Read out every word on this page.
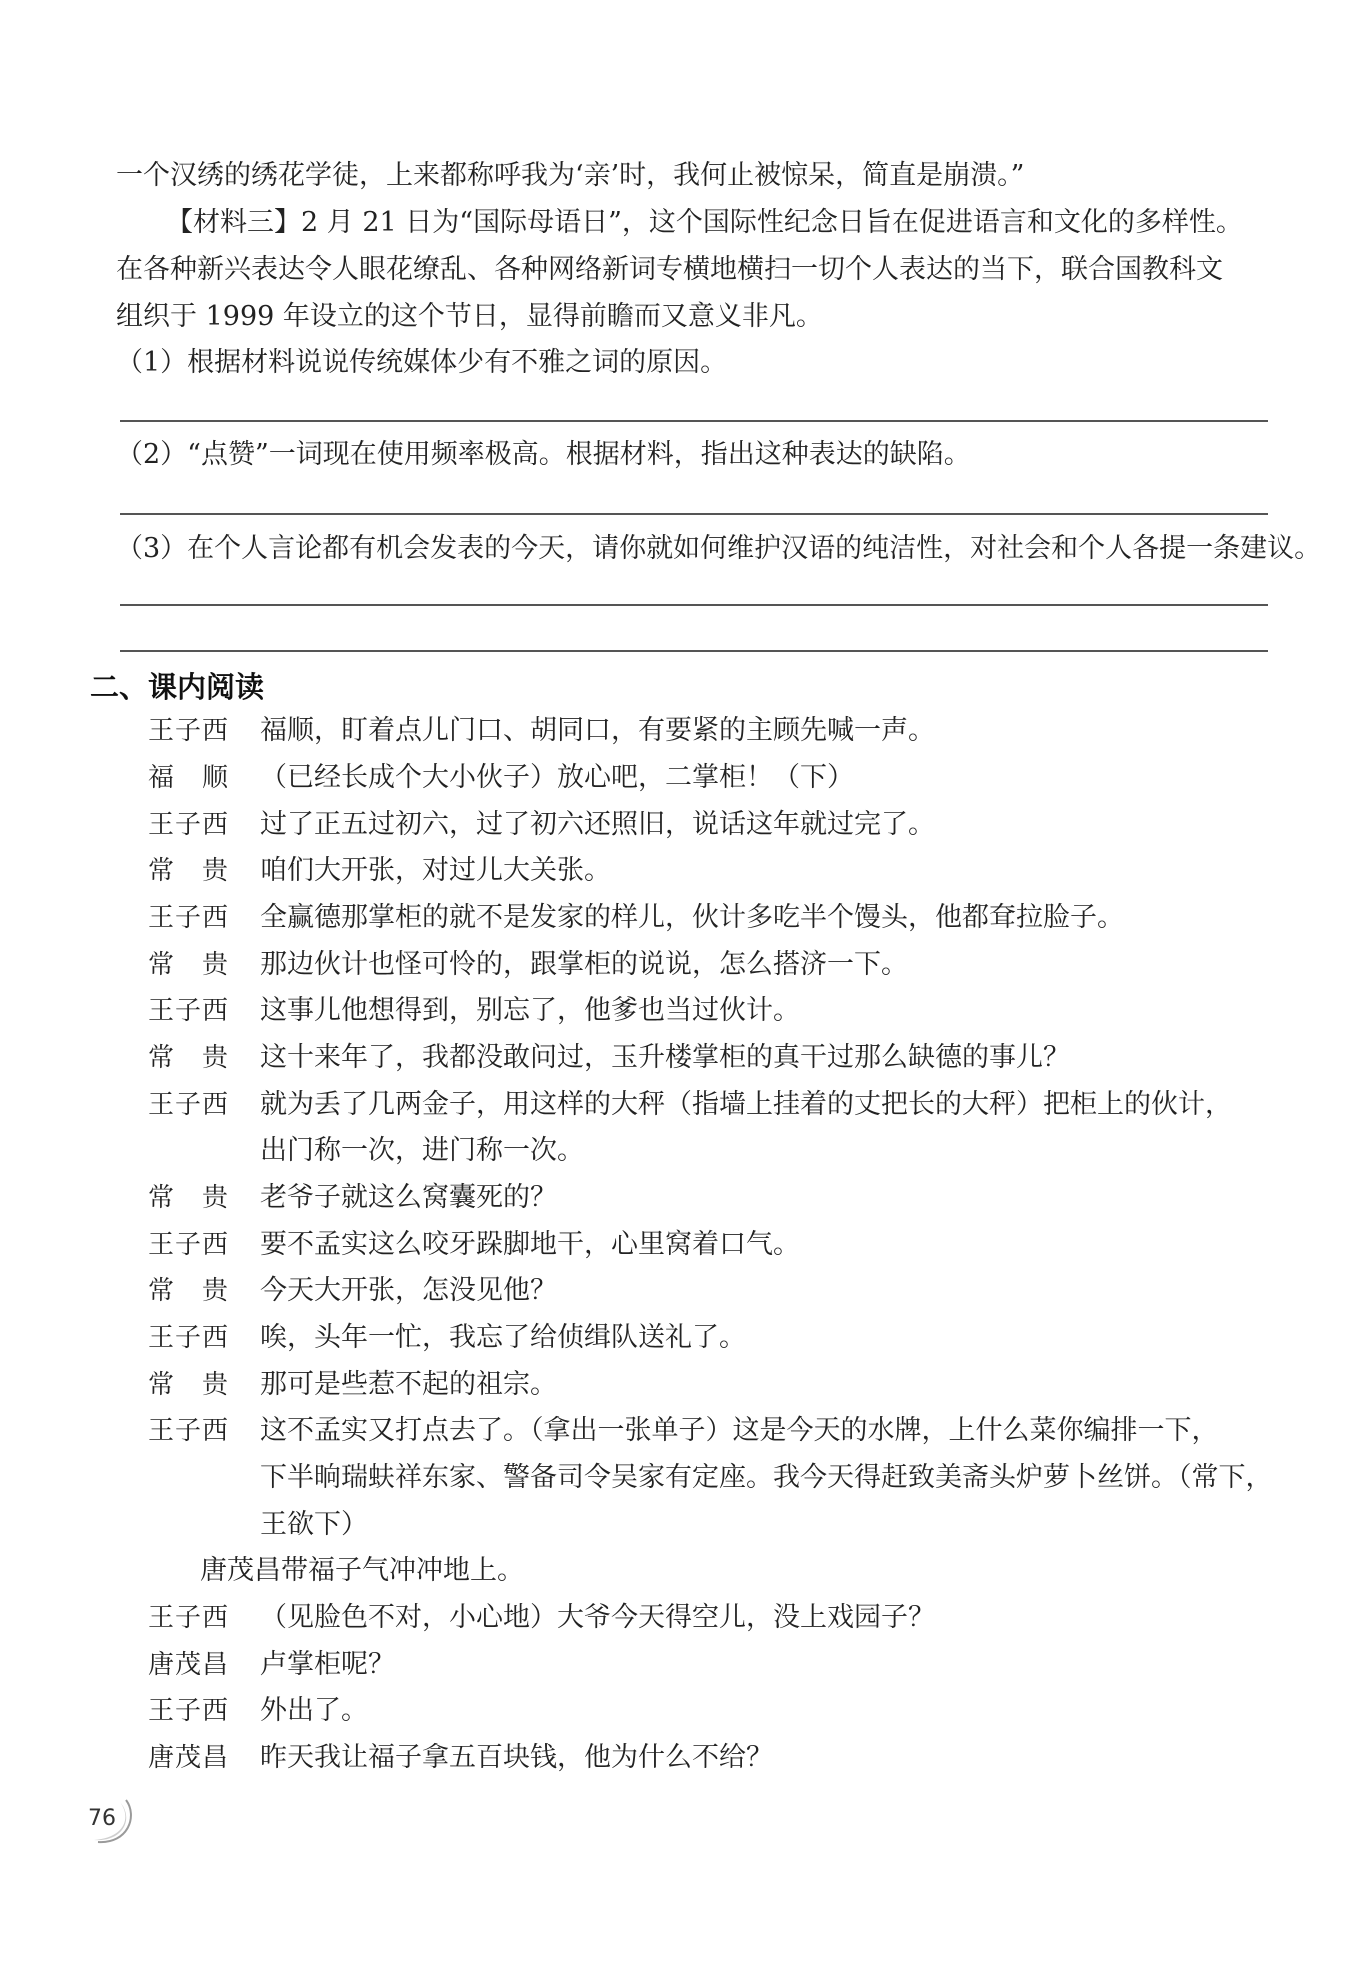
一个汉绣的绣花学徒，上来都称呼我为‘亲’时，我何止被惊呆，简直是崩溃。”
【材料三】2 月 21 日为“国际母语日”，这个国际性纪念日旨在促进语言和文化的多样性。
在各种新兴表达令人眼花缭乱、各种网络新词专横地横扫一切个人表达的当下，联合国教科文
组织于 1999 年设立的这个节日，显得前瞻而又意义非凡。
（1）根据材料说说传统媒体少有不雅之词的原因。
（2）“点赞”一词现在使用频率极高。根据材料，指出这种表达的缺陷。
（3）在个人言论都有机会发表的今天，请你就如何维护汉语的纯洁性，对社会和个人各提一条建议。
二、课内阅读
王子西 福顺，盯着点儿门口、胡同口，有要紧的主顾先喊一声。
福　顺 （已经长成个大小伙子）放心吧，二掌柜！（下）
王子西 过了正五过初六，过了初六还照旧，说话这年就过完了。
常　贵 咱们大开张，对过儿大关张。
王子西 全赢德那掌柜的就不是发家的样儿，伙计多吃半个馒头，他都耷拉脸子。
常　贵 那边伙计也怪可怜的，跟掌柜的说说，怎么搭济一下。
王子西 这事儿他想得到，别忘了，他爹也当过伙计。
常　贵 这十来年了，我都没敢问过，玉升楼掌柜的真干过那么缺德的事儿？
王子西 就为丢了几两金子，用这样的大秤（指墙上挂着的丈把长的大秤）把柜上的伙计，
出门称一次，进门称一次。
常　贵 老爷子就这么窝囊死的？
王子西 要不孟实这么咬牙跺脚地干，心里窝着口气。
常　贵 今天大开张，怎没见他？
王子西 唉，头年一忙，我忘了给侦缉队送礼了。
常　贵 那可是些惹不起的祖宗。
王子西 这不孟实又打点去了。（拿出一张单子）这是今天的水牌，上什么菜你编排一下，
下半晌瑞蚨祥东家、警备司令吴家有定座。我今天得赶致美斋头炉萝卜丝饼。（常下，
王欲下）
唐茂昌带福子气冲冲地上。
王子西 （见脸色不对，小心地）大爷今天得空儿，没上戏园子？
唐茂昌 卢掌柜呢？
王子西 外出了。
唐茂昌 昨天我让福子拿五百块钱，他为什么不给？
76
